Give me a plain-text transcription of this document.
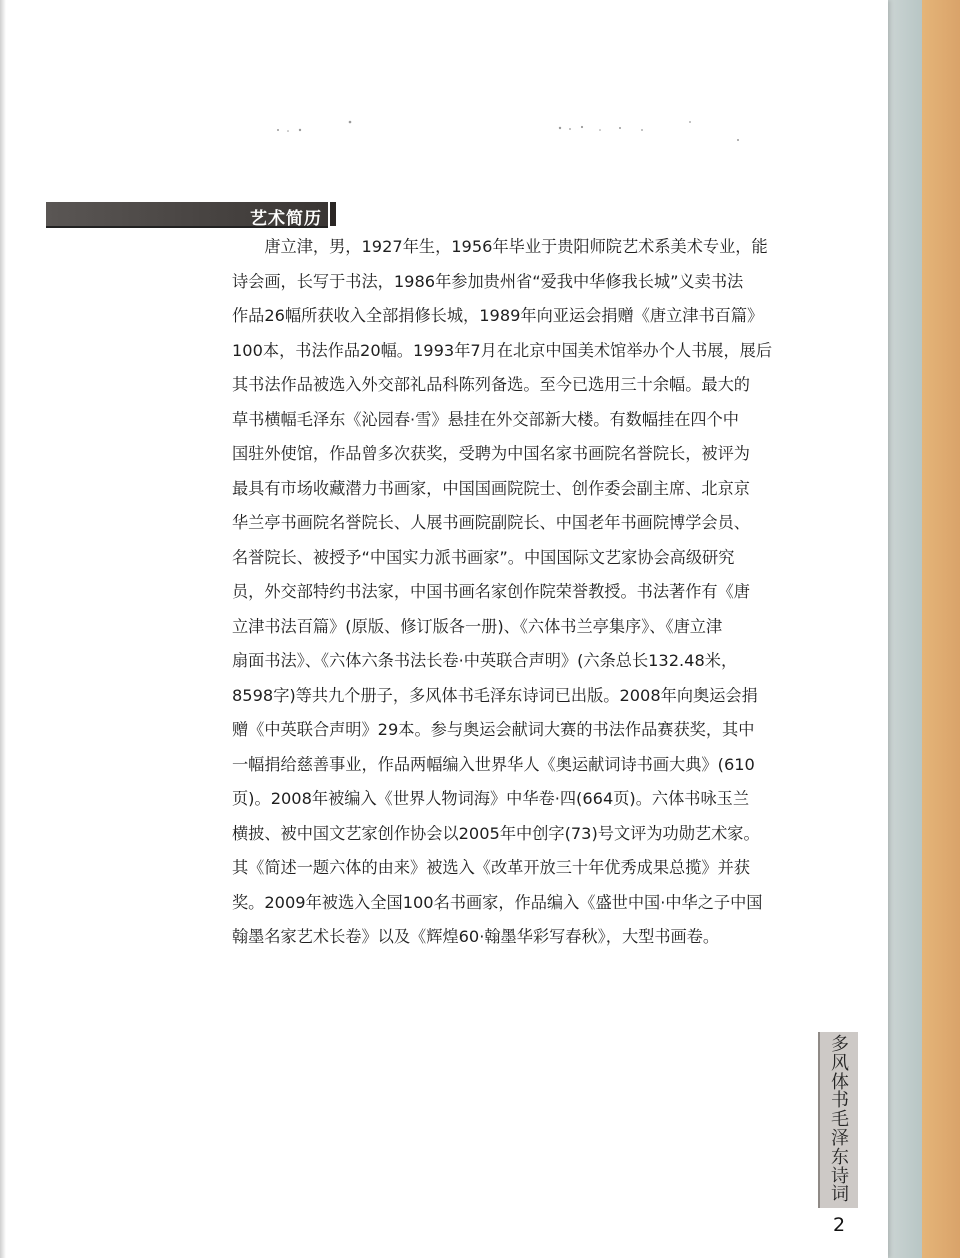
艺术简历
　　唐立津，男，1927年生，1956年毕业于贵阳师院艺术系美术专业，能
诗会画，长写于书法，1986年参加贵州省“爱我中华修我长城”义卖书法
作品26幅所获收入全部捐修长城，1989年向亚运会捐赠《唐立津书百篇》
100本，书法作品20幅。1993年7月在北京中国美术馆举办个人书展，展后
其书法作品被选入外交部礼品科陈列备选。至今已选用三十余幅。最大的
草书横幅毛泽东《沁园春·雪》悬挂在外交部新大楼。有数幅挂在四个中
国驻外使馆，作品曾多次获奖，受聘为中国名家书画院名誉院长，被评为
最具有市场收藏潜力书画家，中国国画院院士、创作委会副主席、北京京
华兰亭书画院名誉院长、人展书画院副院长、中国老年书画院博学会员、
名誉院长、被授予“中国实力派书画家”。中国国际文艺家协会高级研究
员，外交部特约书法家，中国书画名家创作院荣誉教授。书法著作有《唐
立津书法百篇》(原版、修订版各一册)、《六体书兰亭集序》、《唐立津
扇面书法》、《六体六条书法长卷·中英联合声明》(六条总长132.48米，
8598字)等共九个册子，多风体书毛泽东诗词已出版。2008年向奥运会捐
赠《中英联合声明》29本。参与奥运会献词大赛的书法作品赛获奖，其中
一幅捐给慈善事业，作品两幅编入世界华人《奥运献词诗书画大典》(610
页)。2008年被编入《世界人物词海》中华卷·四(664页)。六体书咏玉兰
横披、被中国文艺家创作协会以2005年中创字(73)号文评为功勋艺术家。
其《简述一题六体的由来》被选入《改革开放三十年优秀成果总揽》并获
奖。2009年被选入全国100名书画家，作品编入《盛世中国·中华之子中国
翰墨名家艺术长卷》以及《辉煌60·翰墨华彩写春秋》，大型书画卷。
多风体书毛泽东诗词
2
